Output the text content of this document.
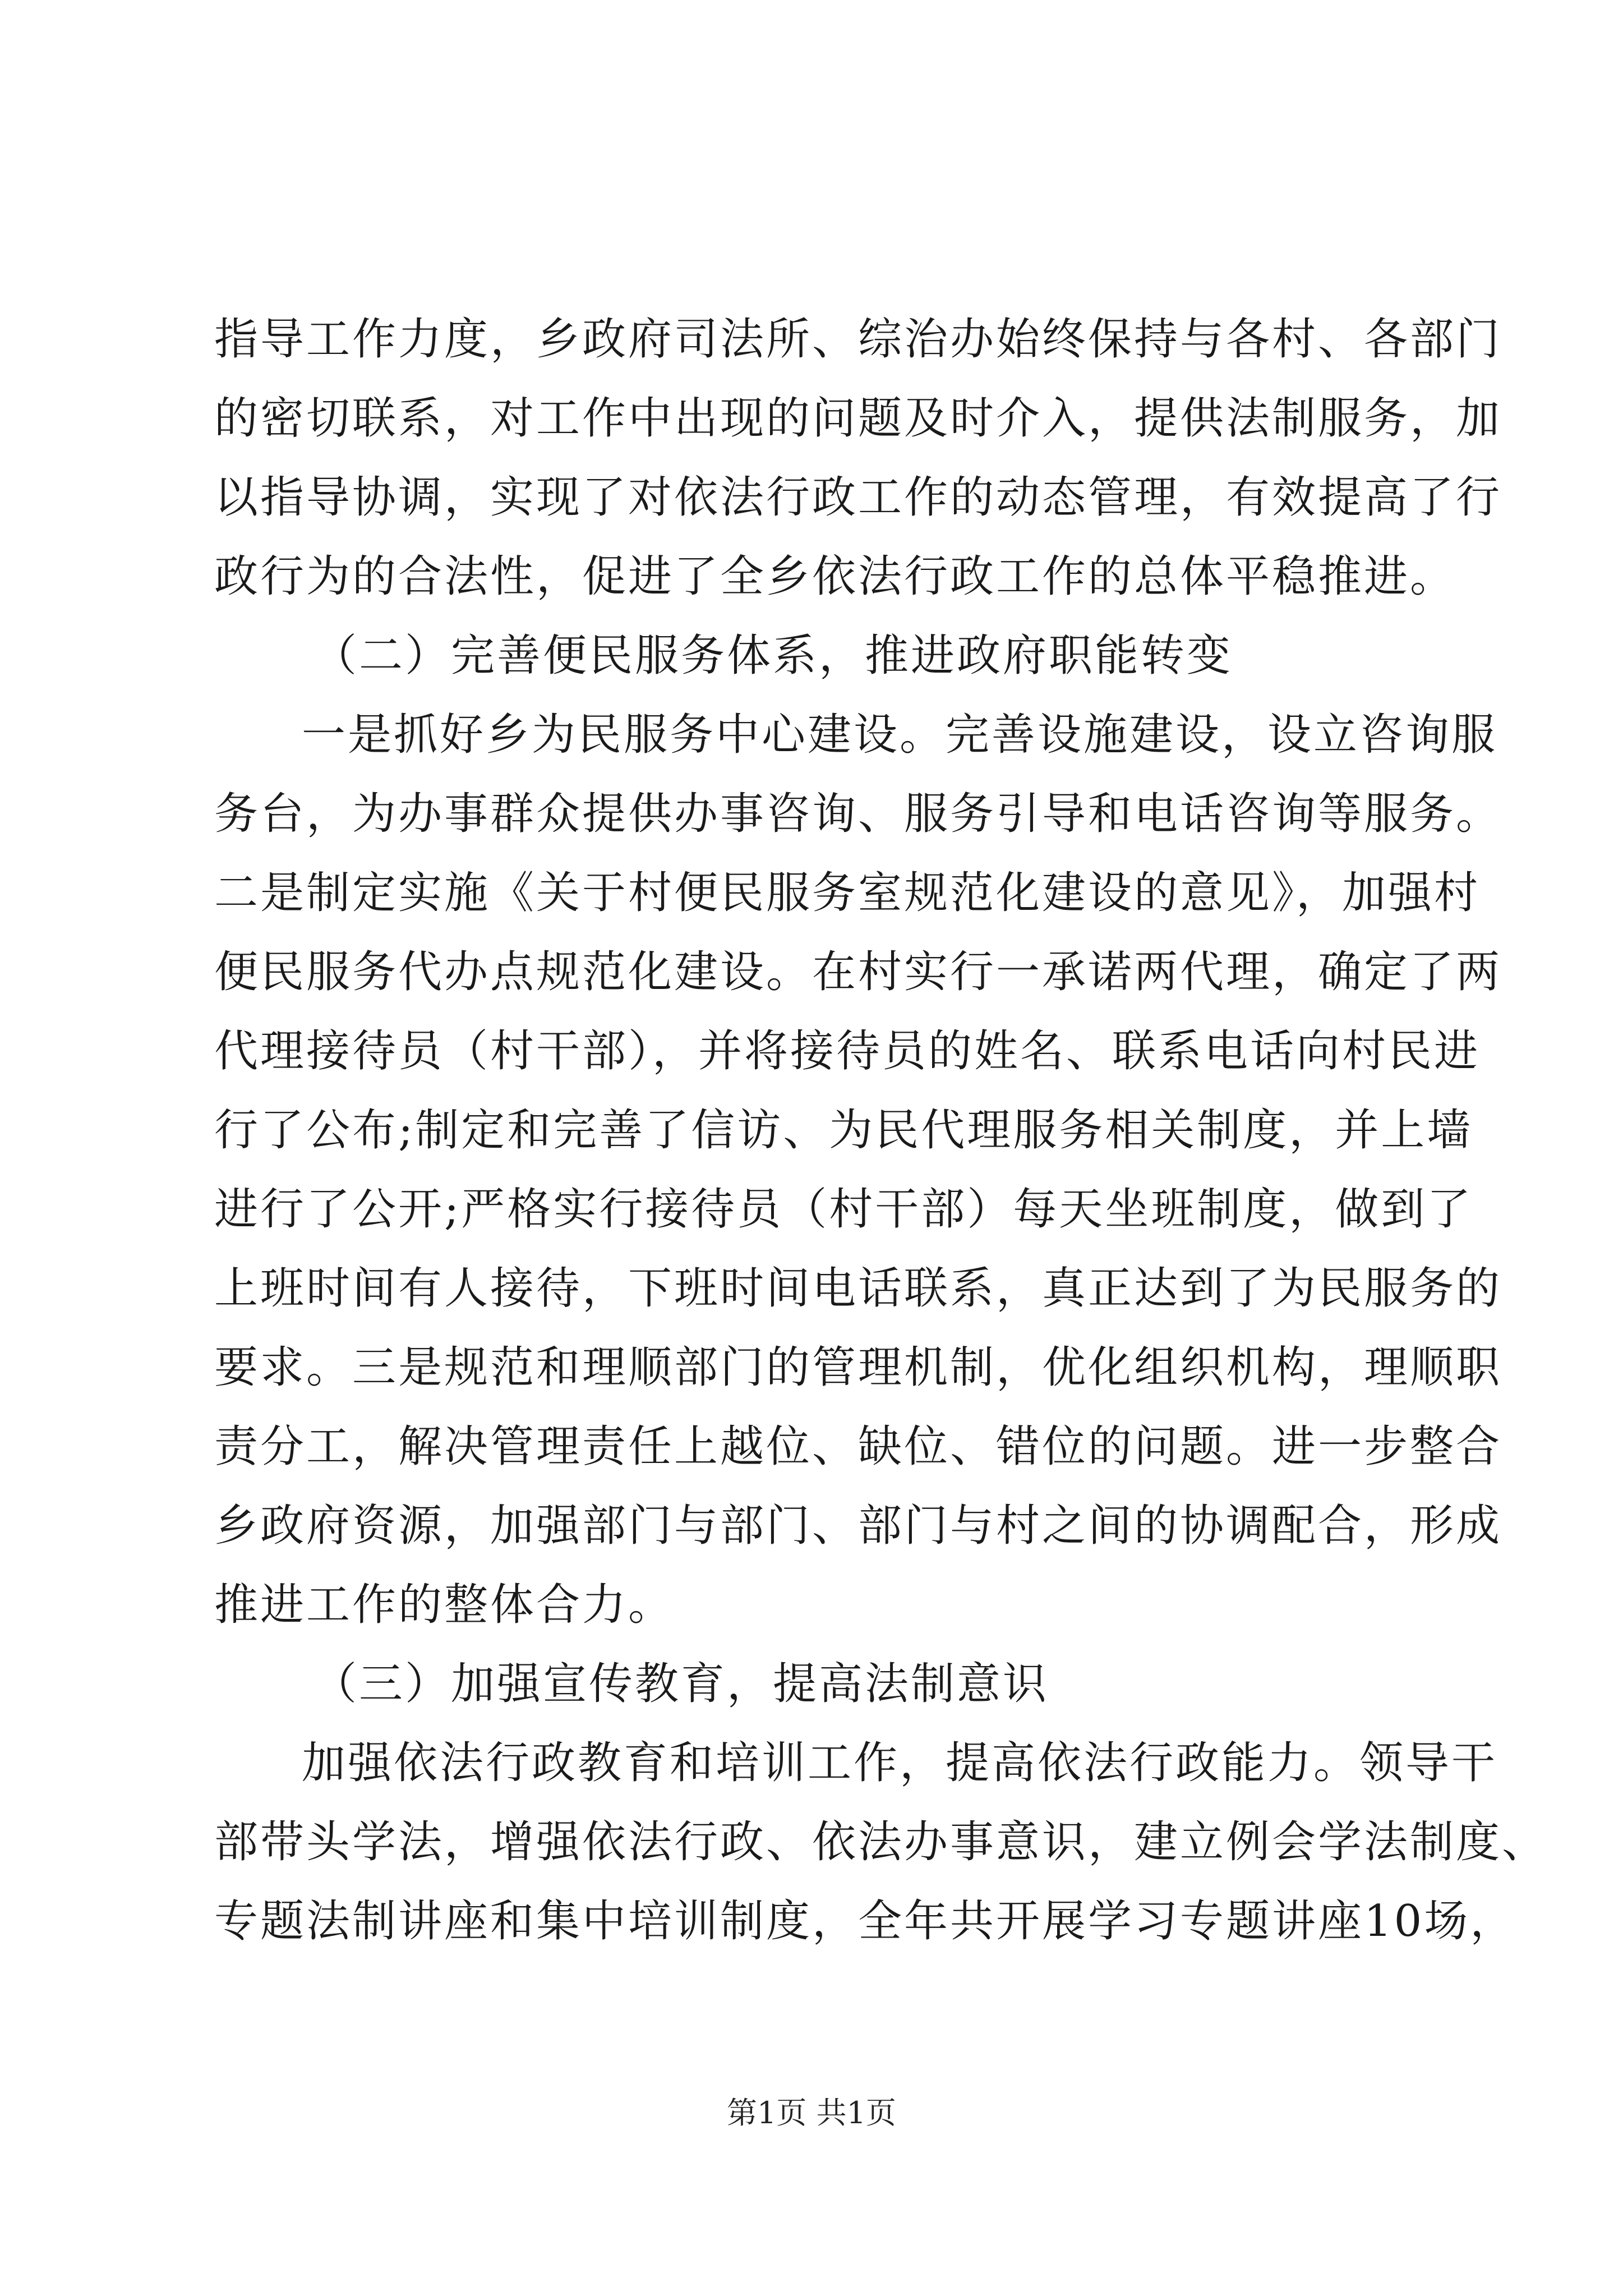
指导工作力度，乡政府司法所、综治办始终保持与各村、各部门
的密切联系，对工作中出现的问题及时介入，提供法制服务，加
以指导协调，实现了对依法行政工作的动态管理，有效提高了行
政行为的合法性，促进了全乡依法行政工作的总体平稳推进。
（二）完善便民服务体系，推进政府职能转变
一是抓好乡为民服务中心建设。完善设施建设，设立咨询服
务台，为办事群众提供办事咨询、服务引导和电话咨询等服务。
二是制定实施《关于村便民服务室规范化建设的意见》，加强村
便民服务代办点规范化建设。在村实行一承诺两代理，确定了两
代理接待员（村干部），并将接待员的姓名、联系电话向村民进
行了公布;制定和完善了信访、为民代理服务相关制度，并上墙
进行了公开;严格实行接待员（村干部）每天坐班制度，做到了
上班时间有人接待，下班时间电话联系，真正达到了为民服务的
要求。三是规范和理顺部门的管理机制，优化组织机构，理顺职
责分工，解决管理责任上越位、缺位、错位的问题。进一步整合
乡政府资源，加强部门与部门、部门与村之间的协调配合，形成
推进工作的整体合力。
（三）加强宣传教育，提高法制意识
加强依法行政教育和培训工作，提高依法行政能力。领导干
部带头学法，增强依法行政、依法办事意识，建立例会学法制度、
专题法制讲座和集中培训制度，全年共开展学习专题讲座10场，
第1页 共1页
